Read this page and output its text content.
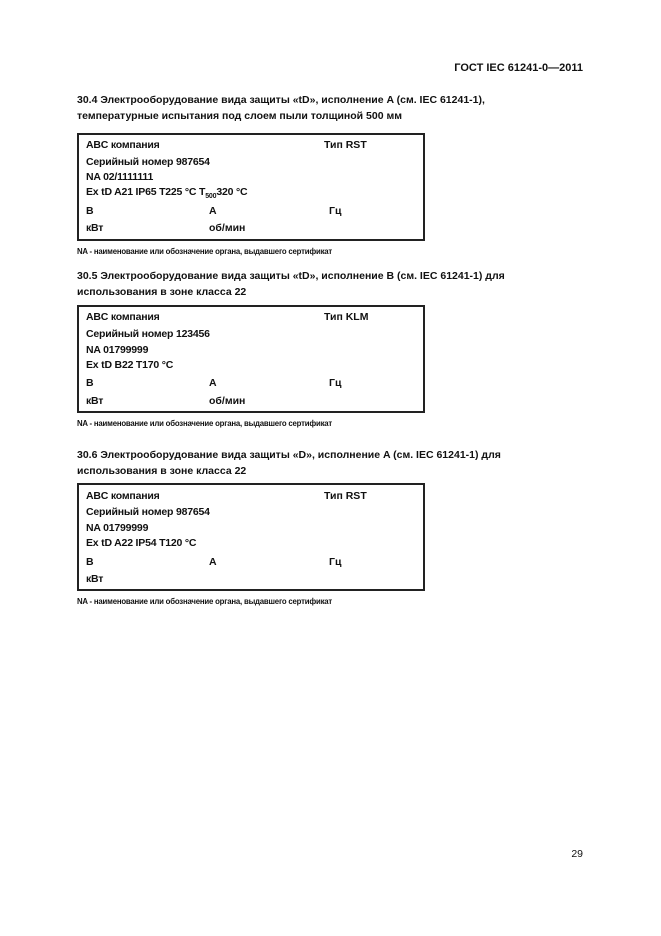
ГОСТ IEC 61241-0—2011
30.4 Электрооборудование вида защиты «tD», исполнение A (см. IEC 61241-1),
температурные испытания под слоем пыли толщиной 500 мм
ABC компания	Тип RST
Серийный номер 987654
NA 02/1111111
Ex tD A21 IP65 T225 °C $T_{500}320$ °C
В	А	Гц
кВт	об/мин
NA - наименование или обозначение органа, выдавшего сертификат
30.5 Электрооборудование вида защиты «tD», исполнение B (см. IEC 61241-1) для
использования в зоне класса 22
ABC компания	Тип KLM
Серийный номер 123456
NA 01799999
Ex tD B22 T170 °C
В	А	Гц
кВт	об/мин
NA - наименование или обозначение органа, выдавшего сертификат
30.6 Электрооборудование вида защиты «D», исполнение A (см. IEC 61241-1) для
использования в зоне класса 22
ABC компания	Тип RST
Серийный номер 987654
NA 01799999
Ex tD A22 IP54 T120 °C
В	А	Гц
кВт
NA - наименование или обозначение органа, выдавшего сертификат
29
